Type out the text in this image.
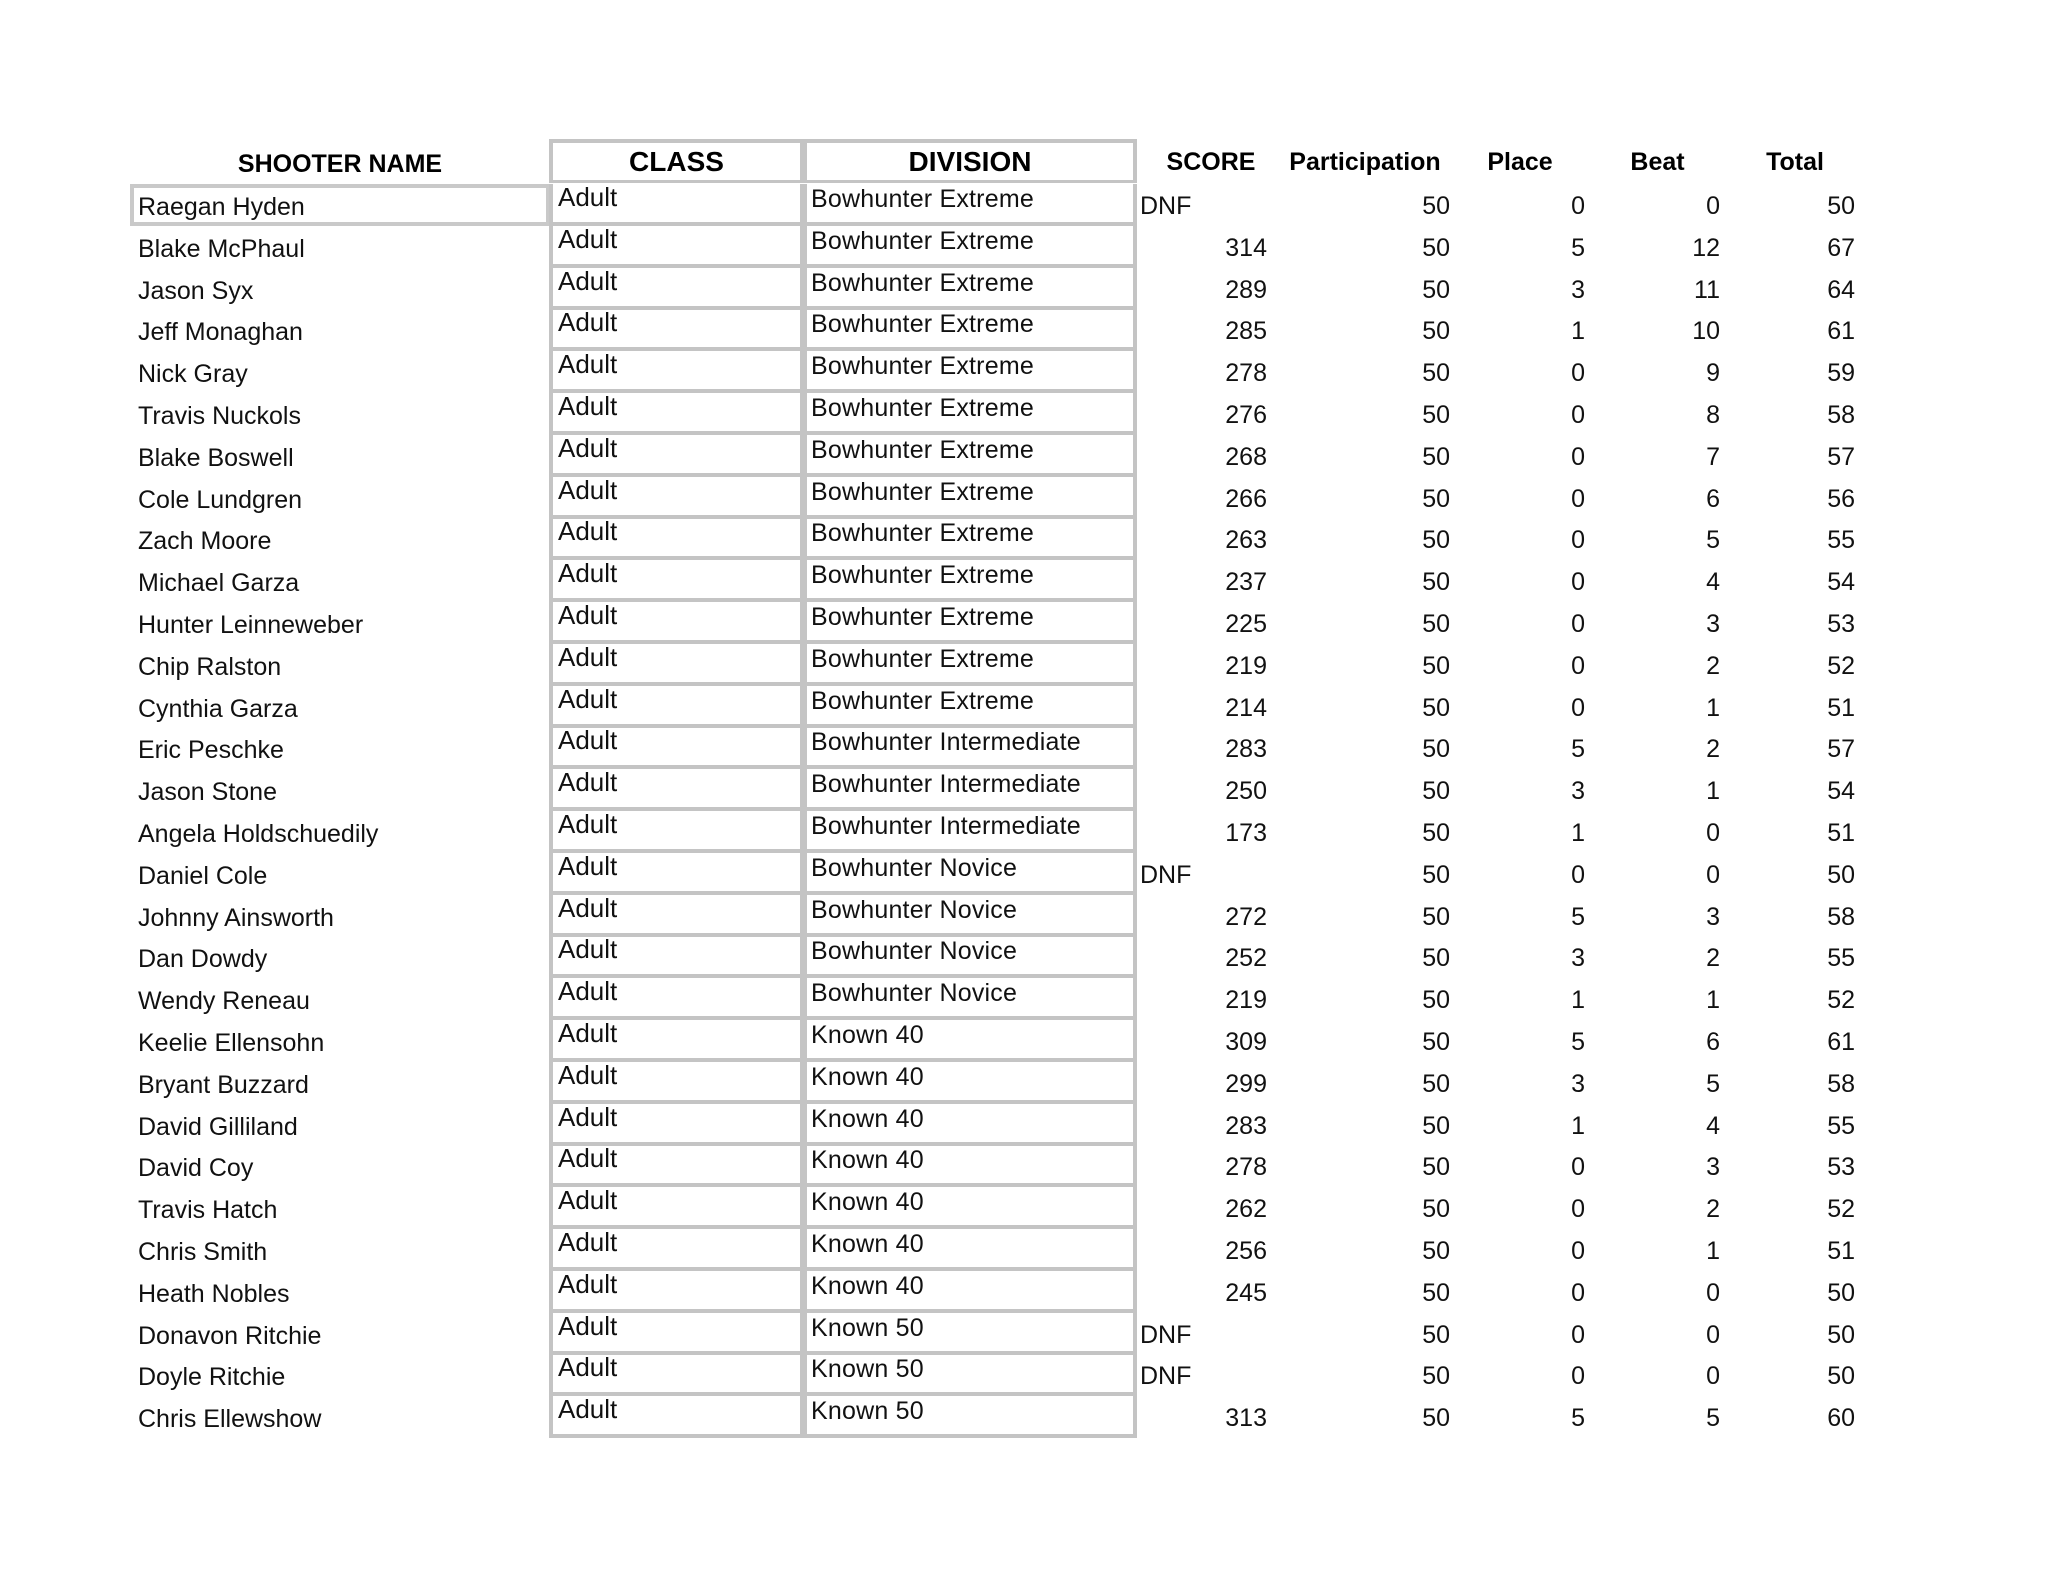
SHOOTER NAME	CLASS	DIVISION	SCORE	Participation	Place	Beat	Total
Raegan Hyden	Adult	Bowhunter Extreme	DNF	50	0	0	50
Blake McPhaul	Adult	Bowhunter Extreme	314	50	5	12	67
Jason Syx	Adult	Bowhunter Extreme	289	50	3	11	64
Jeff Monaghan	Adult	Bowhunter Extreme	285	50	1	10	61
Nick Gray	Adult	Bowhunter Extreme	278	50	0	9	59
Travis Nuckols	Adult	Bowhunter Extreme	276	50	0	8	58
Blake Boswell	Adult	Bowhunter Extreme	268	50	0	7	57
Cole Lundgren	Adult	Bowhunter Extreme	266	50	0	6	56
Zach Moore	Adult	Bowhunter Extreme	263	50	0	5	55
Michael Garza	Adult	Bowhunter Extreme	237	50	0	4	54
Hunter Leinneweber	Adult	Bowhunter Extreme	225	50	0	3	53
Chip Ralston	Adult	Bowhunter Extreme	219	50	0	2	52
Cynthia Garza	Adult	Bowhunter Extreme	214	50	0	1	51
Eric Peschke	Adult	Bowhunter Intermediate	283	50	5	2	57
Jason Stone	Adult	Bowhunter Intermediate	250	50	3	1	54
Angela Holdschuedily	Adult	Bowhunter Intermediate	173	50	1	0	51
Daniel Cole	Adult	Bowhunter Novice	DNF	50	0	0	50
Johnny Ainsworth	Adult	Bowhunter Novice	272	50	5	3	58
Dan Dowdy	Adult	Bowhunter Novice	252	50	3	2	55
Wendy Reneau	Adult	Bowhunter Novice	219	50	1	1	52
Keelie Ellensohn	Adult	Known 40	309	50	5	6	61
Bryant Buzzard	Adult	Known 40	299	50	3	5	58
David Gilliland	Adult	Known 40	283	50	1	4	55
David Coy	Adult	Known 40	278	50	0	3	53
Travis Hatch	Adult	Known 40	262	50	0	2	52
Chris Smith	Adult	Known 40	256	50	0	1	51
Heath Nobles	Adult	Known 40	245	50	0	0	50
Donavon Ritchie	Adult	Known 50	DNF	50	0	0	50
Doyle Ritchie	Adult	Known 50	DNF	50	0	0	50
Chris Ellewshow	Adult	Known 50	313	50	5	5	60
